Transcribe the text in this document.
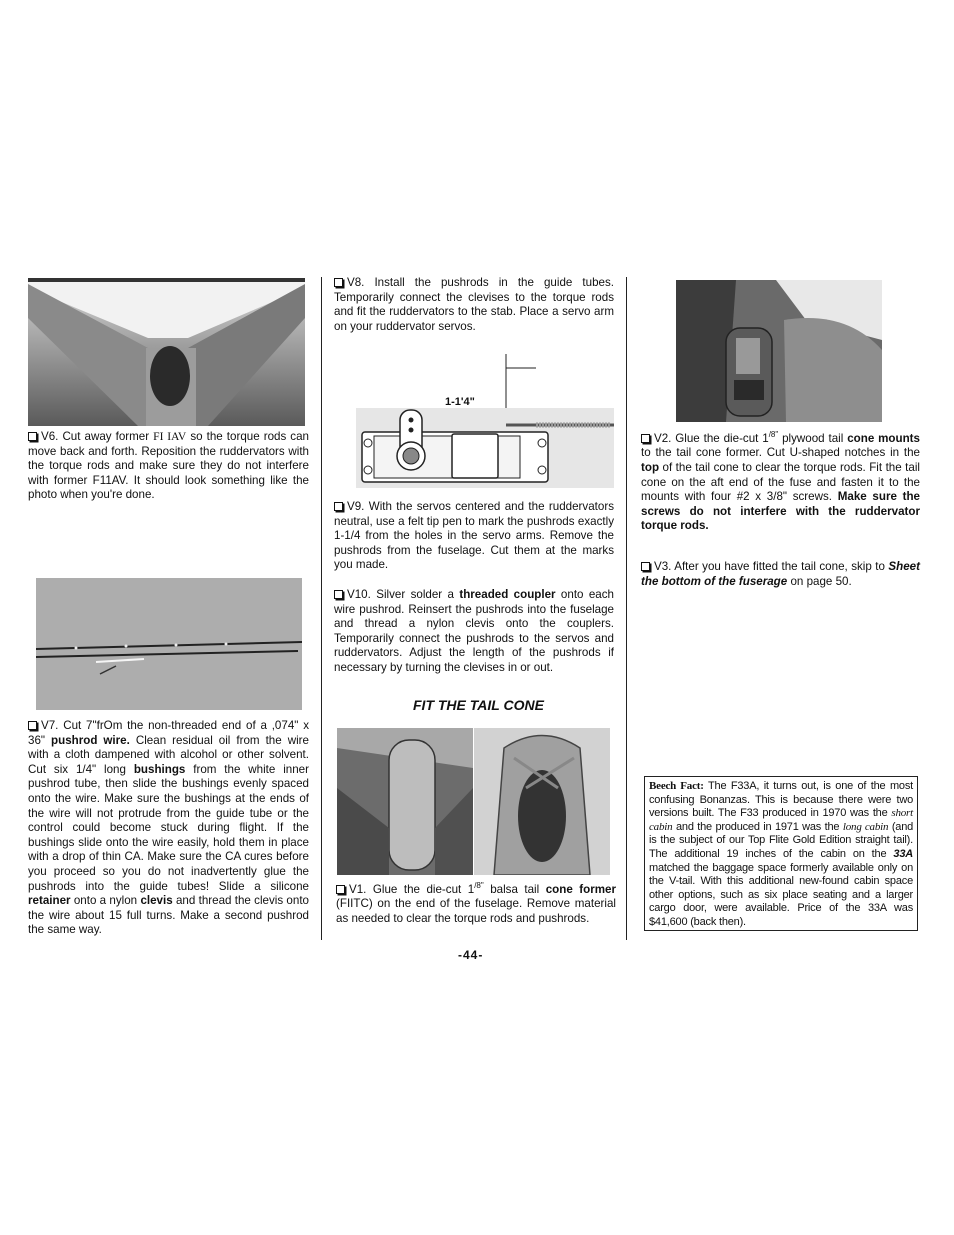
V6. Cut away former FI IAV so the torque rods can move back and forth. Reposition the ruddervators with the torque rods and make sure they do not interfere with former F11AV. It should look something like the photo when you're done.
V7. Cut 7"frOm the non-threaded end of a ,074" x 36" pushrod wire. Clean residual oil from the wire with a cloth dampened with alcohol or other solvent. Cut six 1/4" long bushings from the white inner pushrod tube, then slide the bushings evenly spaced onto the wire. Make sure the bushings at the ends of the wire will not protrude from the guide tube or the control could become stuck during flight. If the bushings slide onto the wire easily, hold them in place with a drop of thin CA. Make sure the CA cures before you proceed so you do not inadvertently glue the pushrods into the guide tubes! Slide a silicone retainer onto a nylon clevis and thread the clevis onto the wire about 15 full turns. Make a second pushrod the same way.
V8. Install the pushrods in the guide tubes. Temporarily connect the clevises to the torque rods and fit the ruddervators to the stab. Place a servo arm on your ruddervator servos.
1-1'4"
V9. With the servos centered and the ruddervators neutral, use a felt tip pen to mark the pushrods exactly 1-1/4 from the holes in the servo arms. Remove the pushrods from the fuselage. Cut them at the marks you made.
V10. Silver solder a threaded coupler onto each wire pushrod. Reinsert the pushrods into the fuselage and thread a nylon clevis onto the couplers. Temporarily connect the pushrods to the servos and ruddervators. Adjust the length of the pushrods if necessary by turning the clevises in or out.
FIT THE TAIL CONE
V1. Glue the die-cut $1^{/8"}$ balsa tail cone former (FIITC) on the end of the fuselage. Remove material as needed to clear the torque rods and pushrods.
V2. Glue the die-cut $1^{/8"}$ plywood tail cone mounts to the tail cone former. Cut U-shaped notches in the top of the tail cone to clear the torque rods. Fit the tail cone on the aft end of the fuse and fasten it to the mounts with four #2 x 3/8" screws. Make sure the screws do not interfere with the ruddervator torque rods.
V3. After you have fitted the tail cone, skip to Sheet the bottom of the fuserage on page 50.
Beech Fact: The F33A, it turns out, is one of the most confusing Bonanzas. This is because there were two versions built. The F33 produced in 1970 was the short cabin and the produced in 1971 was the long cabin (and is the subject of our Top Flite Gold Edition straight tail). The additional 19 inches of the cabin on the 33A matched the baggage space formerly available only on the V-tail. With this additional new-found cabin space other options, such as six place seating and a larger cargo door, were available. Price of the 33A was $41,600 (back then).
-44-
